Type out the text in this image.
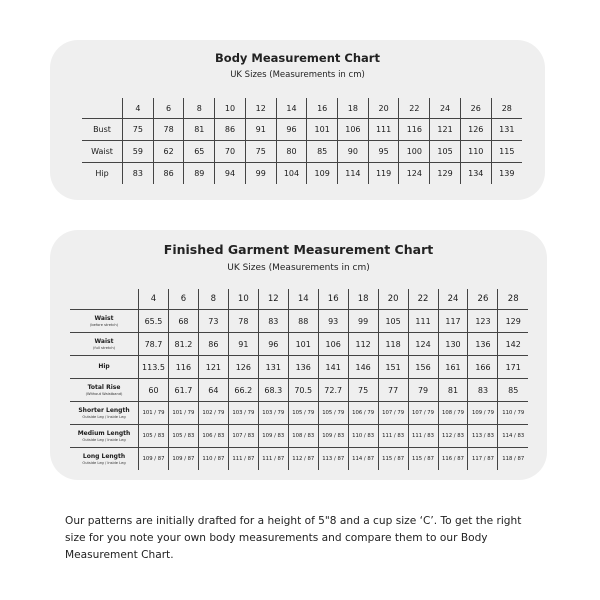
Body Measurement Chart
UK Sizes (Measurements in cm)
	4	6	8	10	12	14	16	18	20	22	24	26	28
Bust	75	78	81	86	91	96	101	106	111	116	121	126	131
Waist	59	62	65	70	75	80	85	90	95	100	105	110	115
Hip	83	86	89	94	99	104	109	114	119	124	129	134	139
Finished Garment Measurement Chart
UK Sizes (Measurements in cm)
	4	6	8	10	12	14	16	18	20	22	24	26	28

Waist
(before stretch)	65.5	68	73	78	83	88	93	99	105	111	117	123	129

Waist
(full stretch)	78.7	81.2	86	91	96	101	106	112	118	124	130	136	142

Hip	113.5	116	121	126	131	136	141	146	151	156	161	166	171

Total Rise
(Without Waistband)	60	61.7	64	66.2	68.3	70.5	72.7	75	77	79	81	83	85

Shorter Length
Outside Leg / Inside Leg	101 / 79	101 / 79	102 / 79	103 / 79	103 / 79	105 / 79	105 / 79	106 / 79	107 / 79	107 / 79	108 / 79	109 / 79	110 / 79

Medium Length
Outside Leg / Inside Leg	105 / 83	105 / 83	106 / 83	107 / 83	109 / 83	108 / 83	109 / 83	110 / 83	111 / 83	111 / 83	112 / 83	113 / 83	114 / 83

Long Length
Outside Leg / Inside Leg	109 / 87	109 / 87	110 / 87	111 / 87	111 / 87	112 / 87	113 / 87	114 / 87	115 / 87	115 / 87	116 / 87	117 / 87	118 / 87
Our patterns are initially drafted for a height of 5"8 and a cup size ‘C’. To get the right size for you note your own body measurements and compare them to our Body Measurement Chart.
